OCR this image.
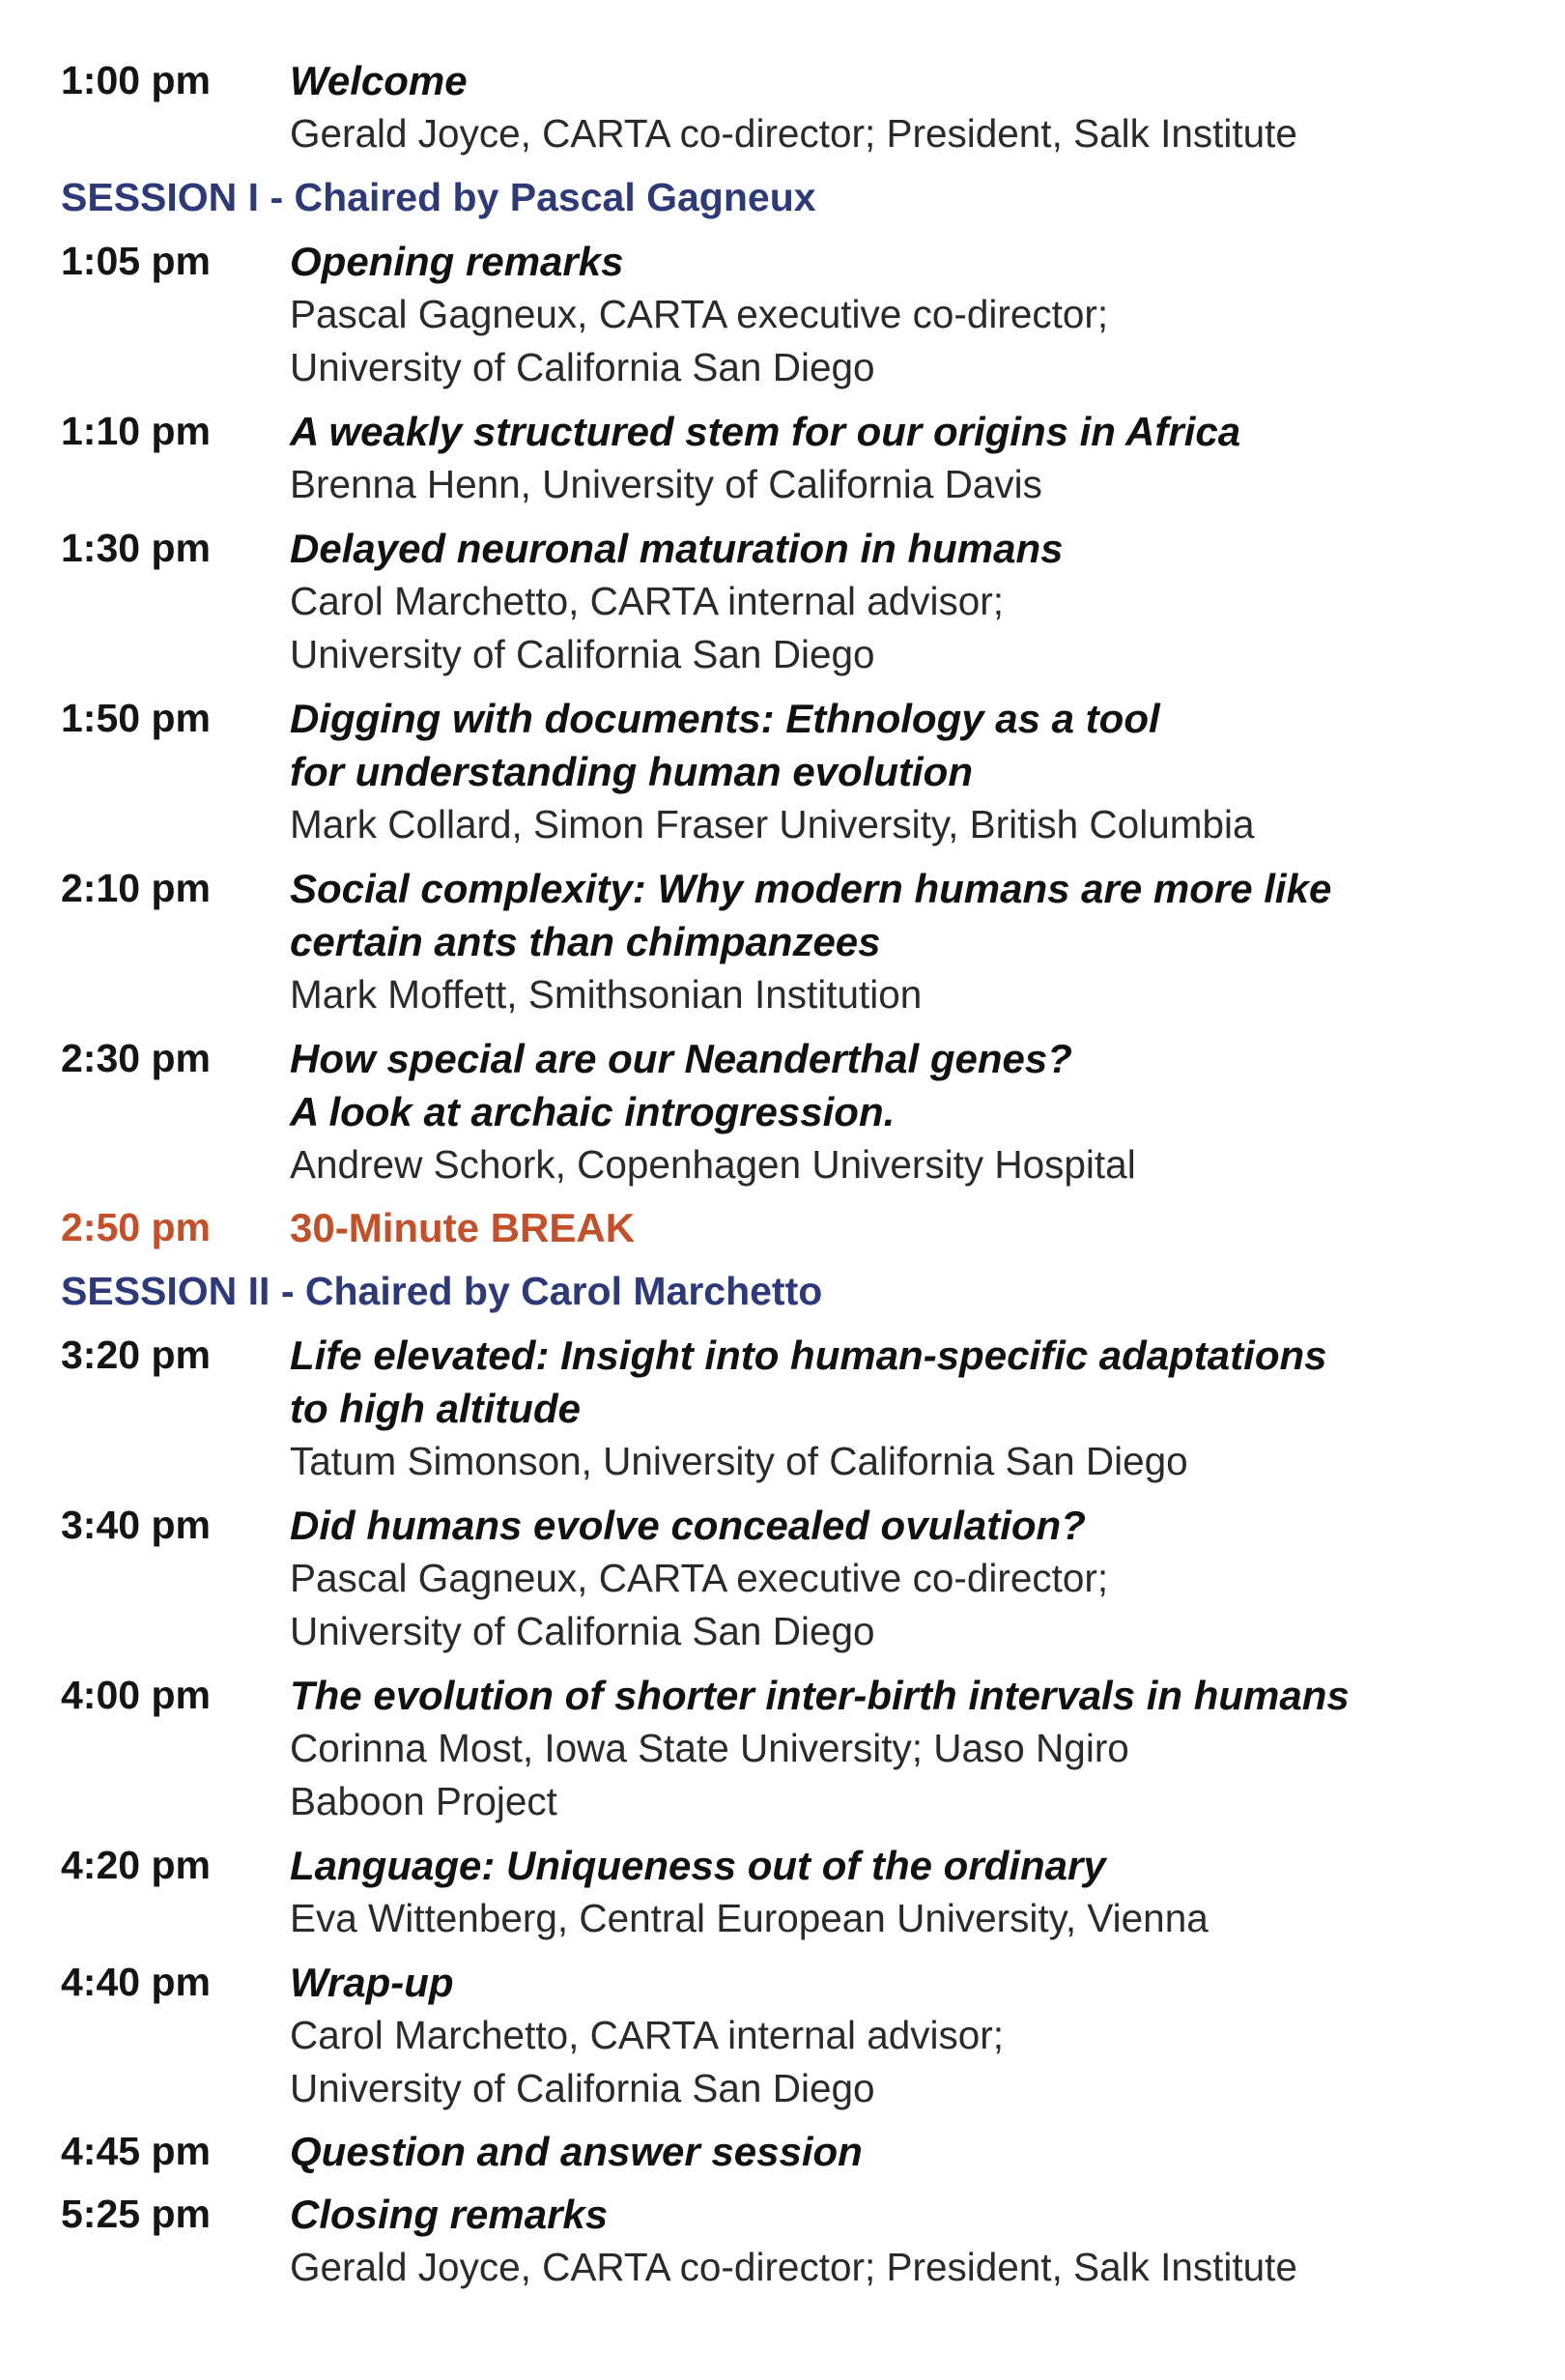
1:00 pm	Welcome
Gerald Joyce, CARTA co-director; President, Salk Institute
SESSION I - Chaired by Pascal Gagneux
1:05 pm	Opening remarks
Pascal Gagneux, CARTA executive co-director;
University of California San Diego
1:10 pm	A weakly structured stem for our origins in Africa
Brenna Henn, University of California Davis
1:30 pm	Delayed neuronal maturation in humans
Carol Marchetto, CARTA internal advisor;
University of California San Diego
1:50 pm	Digging with documents: Ethnology as a tool
for understanding human evolution
Mark Collard, Simon Fraser University, British Columbia
2:10 pm	Social complexity: Why modern humans are more like
certain ants than chimpanzees
Mark Moffett, Smithsonian Institution
2:30 pm	How special are our Neanderthal genes?
A look at archaic introgression.
Andrew Schork, Copenhagen University Hospital
2:50 pm	30-Minute BREAK
SESSION II - Chaired by Carol Marchetto
3:20 pm	Life elevated: Insight into human-specific adaptations
to high altitude
Tatum Simonson, University of California San Diego
3:40 pm	Did humans evolve concealed ovulation?
Pascal Gagneux, CARTA executive co-director;
University of California San Diego
4:00 pm	The evolution of shorter inter-birth intervals in humans
Corinna Most, Iowa State University; Uaso Ngiro
Baboon Project
4:20 pm	Language: Uniqueness out of the ordinary
Eva Wittenberg, Central European University, Vienna
4:40 pm	Wrap-up
Carol Marchetto, CARTA internal advisor;
University of California San Diego
4:45 pm	Question and answer session
5:25 pm	Closing remarks
Gerald Joyce, CARTA co-director; President, Salk Institute
